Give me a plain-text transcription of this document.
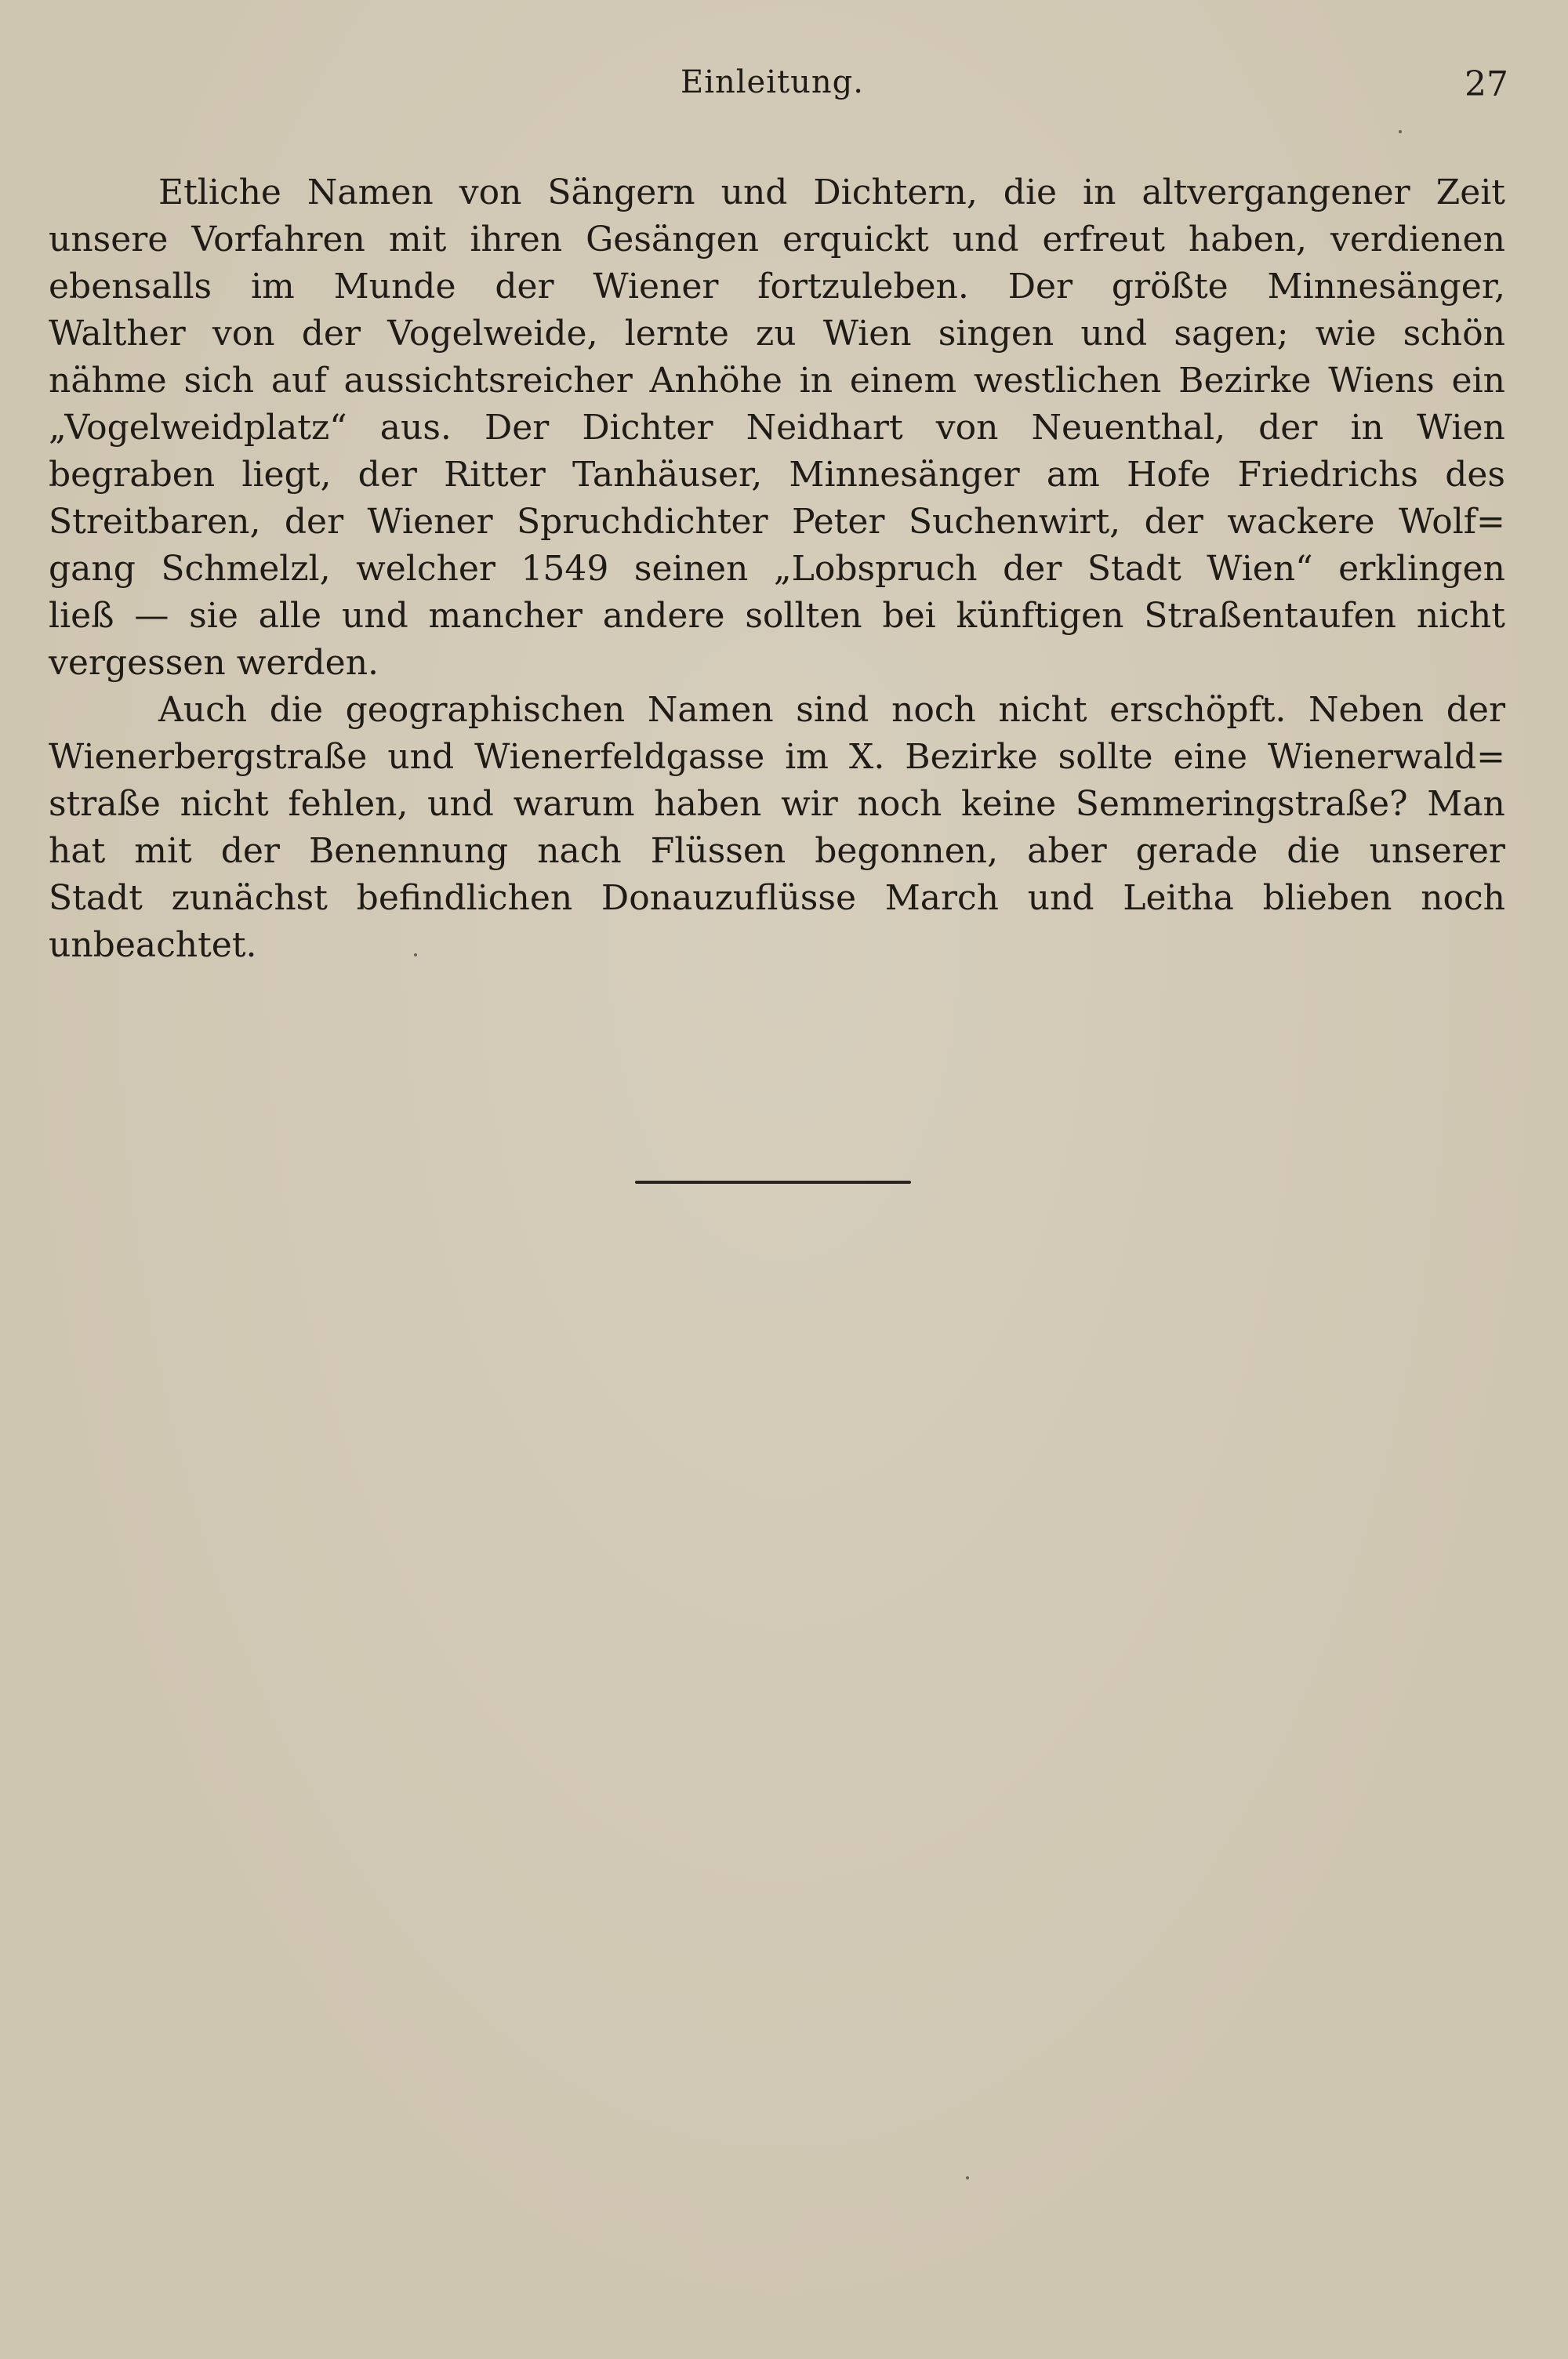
Einleitung.	27
Etliche Namen von Sängern und Dichtern, die in altvergangener Zeit
unsere Vorfahren mit ihren Gesängen erquickt und erfreut haben, verdienen
ebensalls im Munde der Wiener fortzuleben. Der größte Minnesänger,
Walther von der Vogelweide, lernte zu Wien singen und sagen; wie schön
nähme sich auf aussichtsreicher Anhöhe in einem westlichen Bezirke Wiens ein
„Vogelweidplatz“ aus. Der Dichter Neidhart von Neuenthal, der in Wien
begraben liegt, der Ritter Tanhäuser, Minnesänger am Hofe Friedrichs des
Streitbaren, der Wiener Spruchdichter Peter Suchenwirt, der wackere Wolf=
gang Schmelzl, welcher 1549 seinen „Lobspruch der Stadt Wien“ erklingen
ließ — sie alle und mancher andere sollten bei künftigen Straßentaufen nicht
vergessen werden.
Auch die geographischen Namen sind noch nicht erschöpft. Neben der
Wienerbergstraße und Wienerfeldgasse im X. Bezirke sollte eine Wienerwald=
straße nicht fehlen, und warum haben wir noch keine Semmeringstraße? Man
hat mit der Benennung nach Flüssen begonnen, aber gerade die unserer
Stadt zunächst befindlichen Donauzuflüsse March und Leitha blieben noch
unbeachtet.
